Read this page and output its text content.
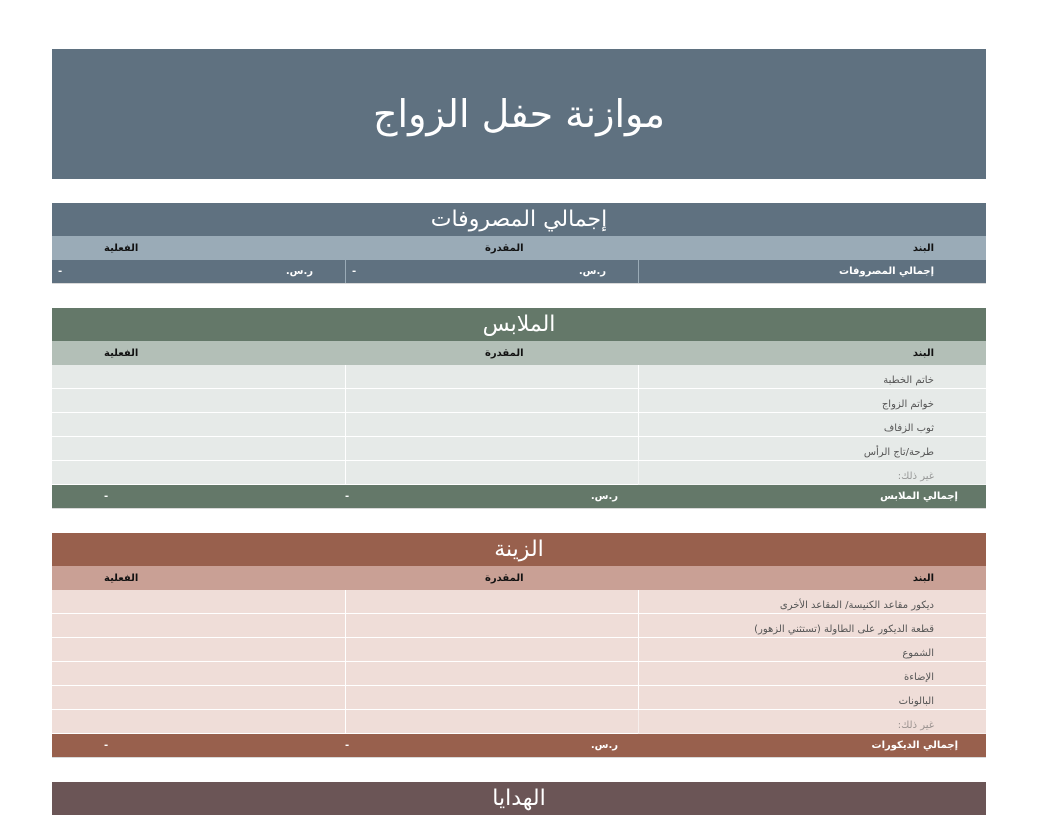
موازنة حفل الزواج
إجمالي المصروفات
البند
المقدرة
الفعلية
إجمالي المصروفات
ر.س.
-
ر.س.
-
الملابس
البند
المقدرة
الفعلية
خاتم الخطبة
خواتم الزواج
ثوب الزفاف
طرحة/تاج الرأس
غير ذلك:
إجمالي الملابس
ر.س.
-
-
الزينة
البند
المقدرة
الفعلية
ديكور مقاعد الكنيسة/ المقاعد الأخرى
قطعة الديكور على الطاولة (تستثني الزهور)
الشموع
الإضاءة
البالونات
غير ذلك:
إجمالي الديكورات
ر.س.
-
-
الهدايا
